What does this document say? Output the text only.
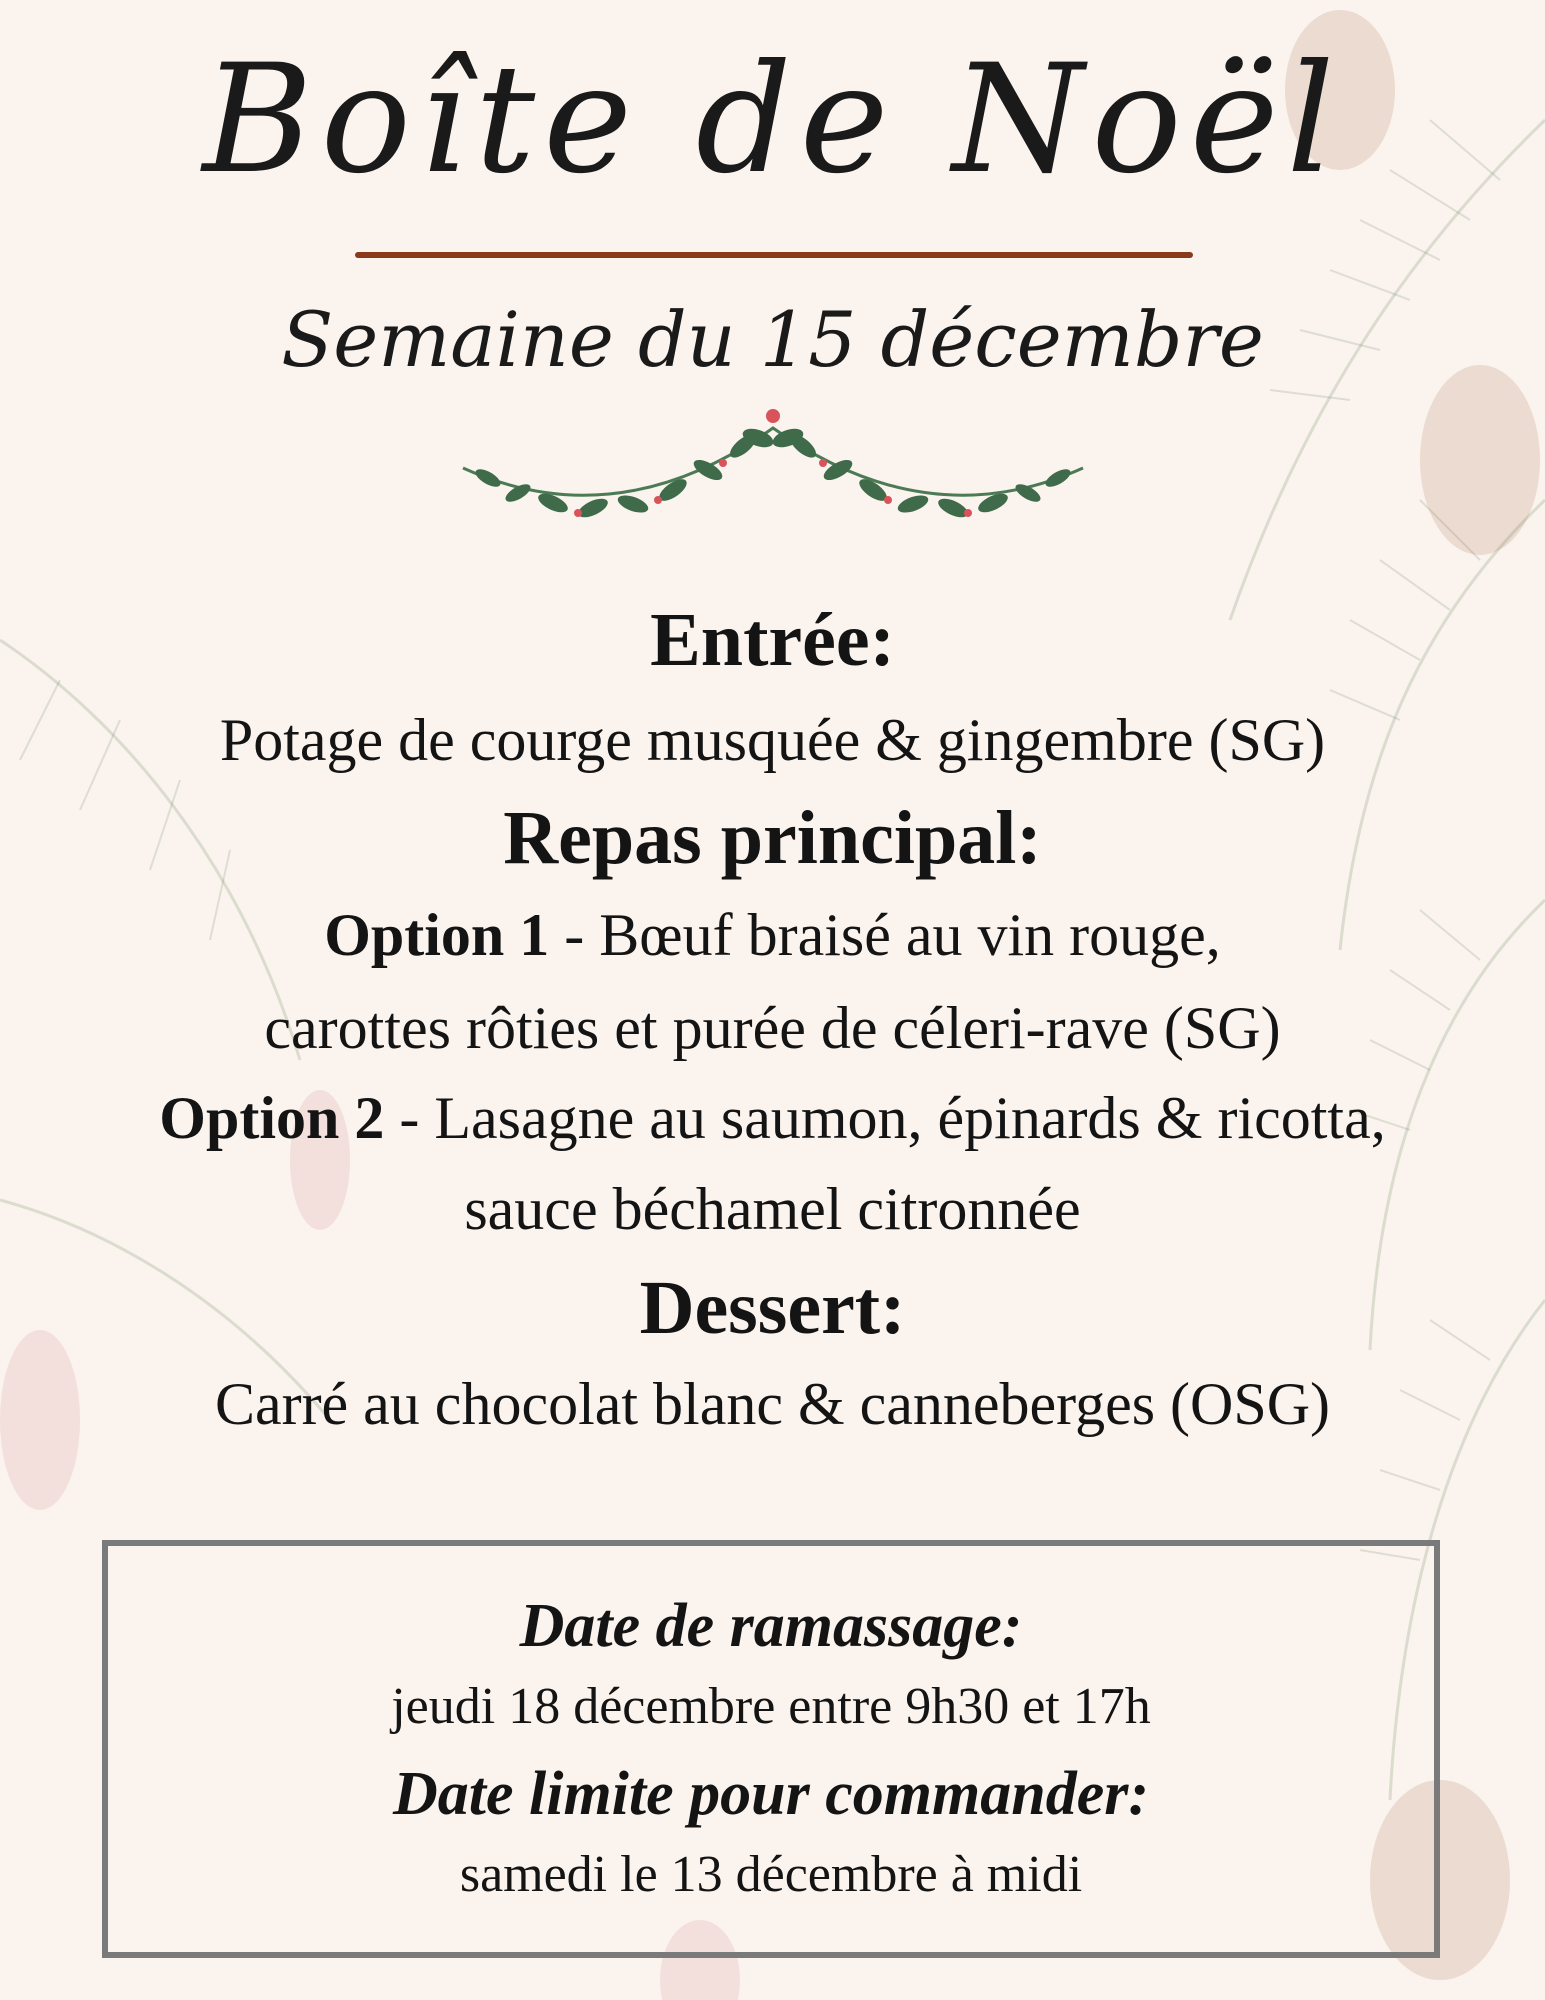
Boîte de Noël
Semaine du 15 décembre
Entrée:
Potage de courge musquée & gingembre (SG)
Repas principal:
Option 1 - Bœuf braisé au vin rouge,
carottes rôties et purée de céleri-rave (SG)
Option 2 - Lasagne au saumon, épinards & ricotta,
sauce béchamel citronnée
Dessert:
Carré au chocolat blanc & canneberges (OSG)
Date de ramassage:
jeudi 18 décembre entre 9h30 et 17h
Date limite pour commander:
samedi le 13 décembre à midi
